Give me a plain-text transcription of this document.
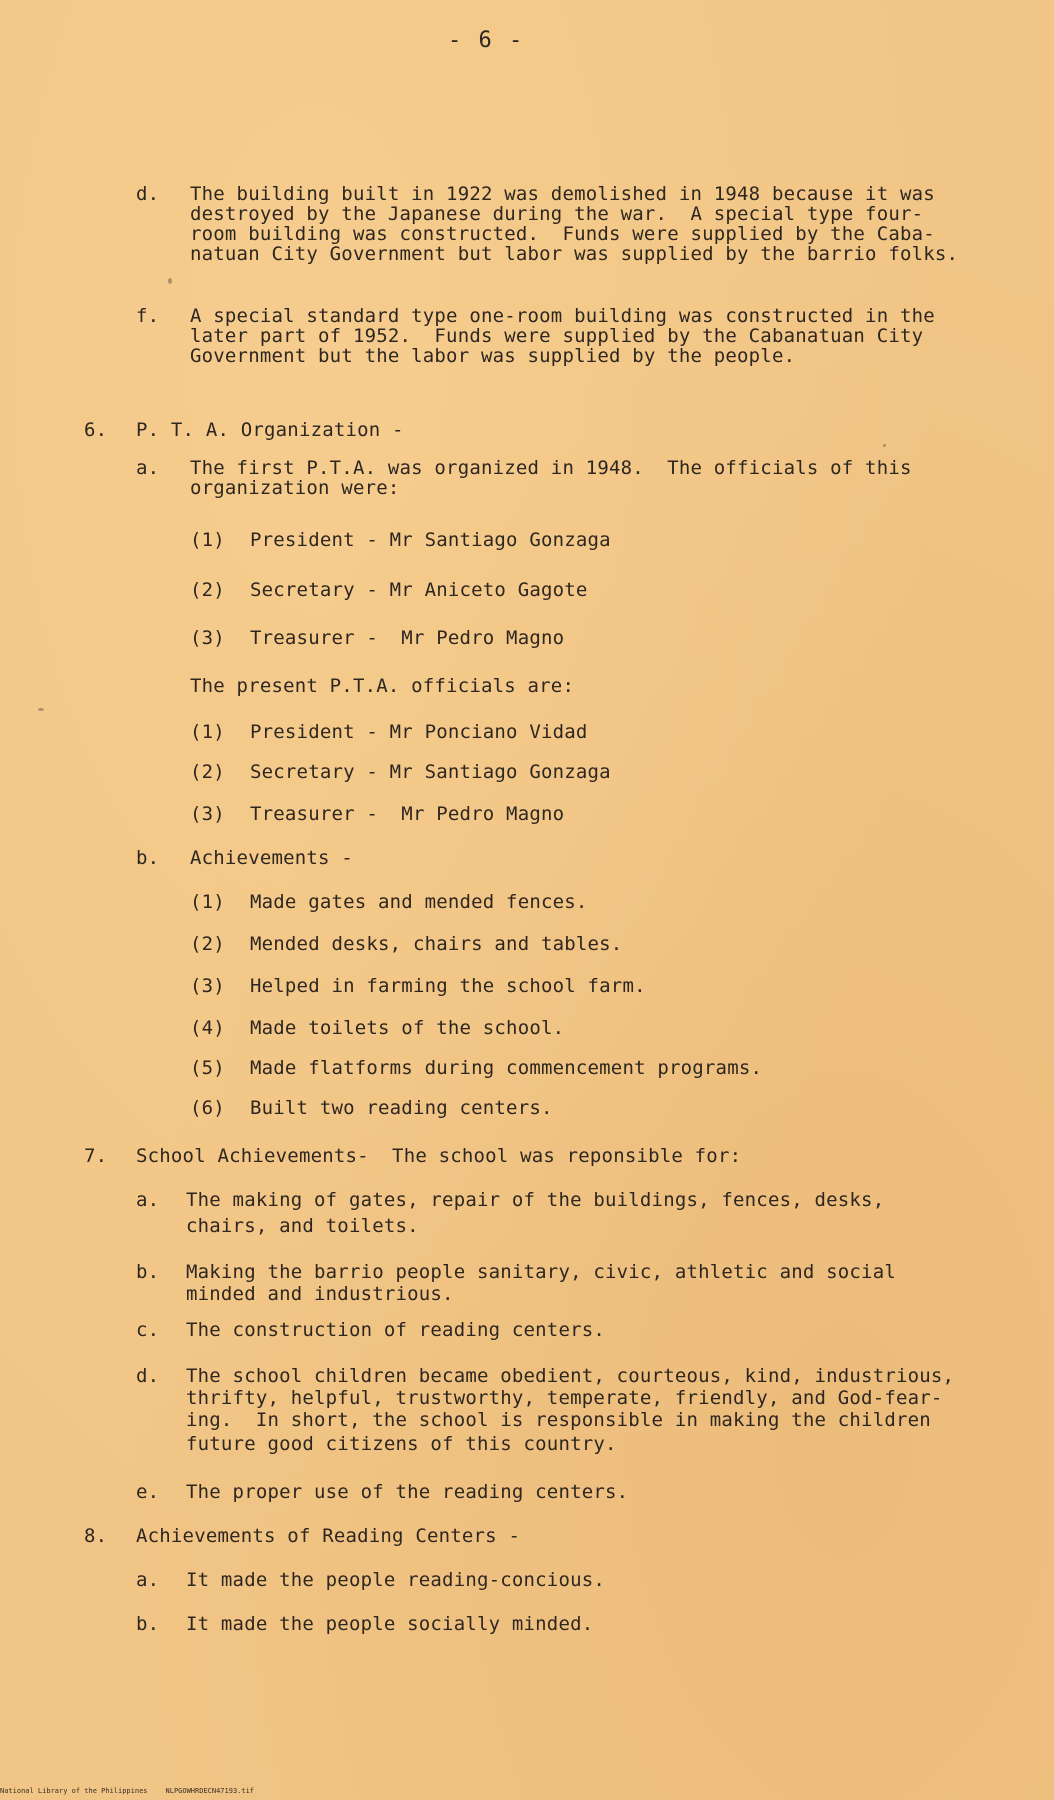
- 6 -
d. The building built in 1922 was demolished in 1948 because it was
destroyed by the Japanese during the war.  A special type four-
room building was constructed.  Funds were supplied by the Caba-
natuan City Government but labor was supplied by the barrio folks.
f. A special standard type one-room building was constructed in the
later part of 1952.  Funds were supplied by the Cabanatuan City
Government but the labor was supplied by the people.
6. P. T. A. Organization -
a. The first P.T.A. was organized in 1948.  The officials of this
organization were:
(1) President - Mr Santiago Gonzaga
(2) Secretary - Mr Aniceto Gagote
(3) Treasurer -  Mr Pedro Magno
The present P.T.A. officials are:
(1) President - Mr Ponciano Vidad
(2) Secretary - Mr Santiago Gonzaga
(3) Treasurer -  Mr Pedro Magno
b. Achievements -
(1) Made gates and mended fences.
(2) Mended desks, chairs and tables.
(3) Helped in farming the school farm.
(4) Made toilets of the school.
(5) Made flatforms during commencement programs.
(6) Built two reading centers.
7. School Achievements-  The school was reponsible for:
a. The making of gates, repair of the buildings, fences, desks,
chairs, and toilets.
b. Making the barrio people sanitary, civic, athletic and social
minded and industrious.
c. The construction of reading centers.
d. The school children became obedient, courteous, kind, industrious,
thrifty, helpful, trustworthy, temperate, friendly, and God-fear-
ing.  In short, the school is responsible in making the children
future good citizens of this country.
e. The proper use of the reading centers.
8. Achievements of Reading Centers -
a. It made the people reading-concious.
b. It made the people socially minded.
National Library of the Philippines	NLPGOWHRDECN47193.tif
